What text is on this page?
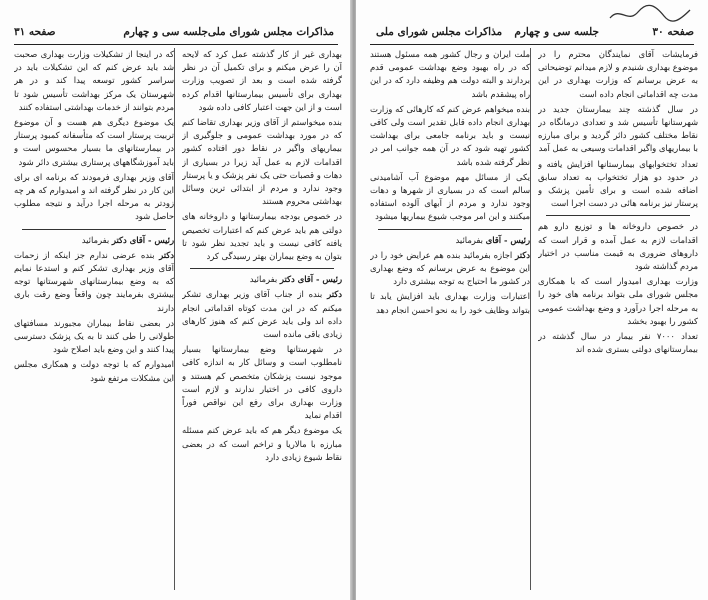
صفحه ۳۱	مذاکرات مجلس شورای ملی
جلسه سی و چهارم

بهداری غیر از کار گذشته عمل کرد که لایحه آن را عرض میکنم و برای تکمیل آن در نظر گرفته شده است و بعد از تصویب وزارت بهداری برای تأسیس بیمارستانها اقدام کرده است و از این جهت اعتبار کافی داده شود

بنده میخواستم از آقای وزیر بهداری تقاضا کنم که در مورد بهداشت عمومی و جلوگیری از بیماریهای واگیر در نقاط دور افتاده کشور اقدامات لازم به عمل آید زیرا در بسیاری از دهات و قصبات حتی یک نفر پزشک و یا پرستار وجود ندارد و مردم از ابتدائی ترین وسائل بهداشتی محروم هستند

در خصوص بودجه بیمارستانها و داروخانه های دولتی هم باید عرض کنم که اعتبارات تخصیص یافته کافی نیست و باید تجدید نظر شود تا بتوان به وضع بیماران بهتر رسیدگی کرد

رئیس - آقای دکتر بفرمائید

دکتر بنده از جناب آقای وزیر بهداری تشکر میکنم که در این مدت کوتاه اقداماتی انجام داده اند ولی باید عرض کنم که هنوز کارهای زیادی باقی مانده است

در شهرستانها وضع بیمارستانها بسیار نامطلوب است و وسائل کار به اندازه کافی موجود نیست پزشکان متخصص کم هستند و داروی کافی در اختیار ندارند و لازم است وزارت بهداری برای رفع این نواقص فوراً اقدام نماید

یک موضوع دیگر هم که باید عرض کنم مسئله مبارزه با مالاریا و تراخم است که در بعضی نقاط شیوع زیادی دارد

که در اینجا از تشکیلات وزارت بهداری صحبت شد باید عرض کنم که این تشکیلات باید در سراسر کشور توسعه پیدا کند و در هر شهرستان یک مرکز بهداشت تأسیس شود تا مردم بتوانند از خدمات بهداشتی استفاده کنند

یک موضوع دیگری هم هست و آن موضوع تربیت پرستار است که متأسفانه کمبود پرستار در بیمارستانهای ما بسیار محسوس است و باید آموزشگاههای پرستاری بیشتری دائر شود

آقای وزیر بهداری فرمودند که برنامه ای برای این کار در نظر گرفته اند و امیدوارم که هر چه زودتر به مرحله اجرا درآید و نتیجه مطلوب حاصل شود

رئیس - آقای دکتر بفرمائید

دکتر بنده عرضی ندارم جز اینکه از زحمات آقای وزیر بهداری تشکر کنم و استدعا نمایم که به وضع بیمارستانهای شهرستانها توجه بیشتری بفرمایند چون واقعاً وضع رقت باری دارند

در بعضی نقاط بیماران مجبورند مسافتهای طولانی را طی کنند تا به یک پزشک دسترسی پیدا کنند و این وضع باید اصلاح شود

امیدوارم که با توجه دولت و همکاری مجلس این مشکلات مرتفع شود

صفحه ۳۰
جلسه سی و چهارم
مذاکرات مجلس شورای ملی

فرمایشات آقای نمایندگان محترم را در موضوع بهداری شنیدم و لازم میدانم توضیحاتی به عرض برسانم که وزارت بهداری در این مدت چه اقداماتی انجام داده است

در سال گذشته چند بیمارستان جدید در شهرستانها تأسیس شد و تعدادی درمانگاه در نقاط مختلف کشور دائر گردید و برای مبارزه با بیماریهای واگیر اقدامات وسیعی به عمل آمد

تعداد تختخوابهای بیمارستانها افزایش یافته و در حدود دو هزار تختخواب به تعداد سابق اضافه شده است و برای تأمین پزشک و پرستار نیز برنامه هائی در دست اجرا است

در خصوص داروخانه ها و توزیع دارو هم اقدامات لازم به عمل آمده و قرار است که داروهای ضروری به قیمت مناسب در اختیار مردم گذاشته شود

وزارت بهداری امیدوار است که با همکاری مجلس شورای ملی بتواند برنامه های خود را به مرحله اجرا درآورد و وضع بهداشت عمومی کشور را بهبود بخشد

تعداد ۷۰۰۰ نفر بیمار در سال گذشته در بیمارستانهای دولتی بستری شده اند

ملت ایران و رجال کشور همه مسئول هستند که در راه بهبود وضع بهداشت عمومی قدم بردارند و البته دولت هم وظیفه دارد که در این راه پیشقدم باشد

بنده میخواهم عرض کنم که کارهائی که وزارت بهداری انجام داده قابل تقدیر است ولی کافی نیست و باید برنامه جامعی برای بهداشت کشور تهیه شود که در آن همه جوانب امر در نظر گرفته شده باشد

یکی از مسائل مهم موضوع آب آشامیدنی سالم است که در بسیاری از شهرها و دهات وجود ندارد و مردم از آبهای آلوده استفاده میکنند و این امر موجب شیوع بیماریها میشود

رئیس - آقای بفرمائید

دکتر اجازه بفرمائید بنده هم عرایض خود را در این موضوع به عرض برسانم که وضع بهداری در کشور ما احتیاج به توجه بیشتری دارد

اعتبارات وزارت بهداری باید افزایش یابد تا بتواند وظایف خود را به نحو احسن انجام دهد
